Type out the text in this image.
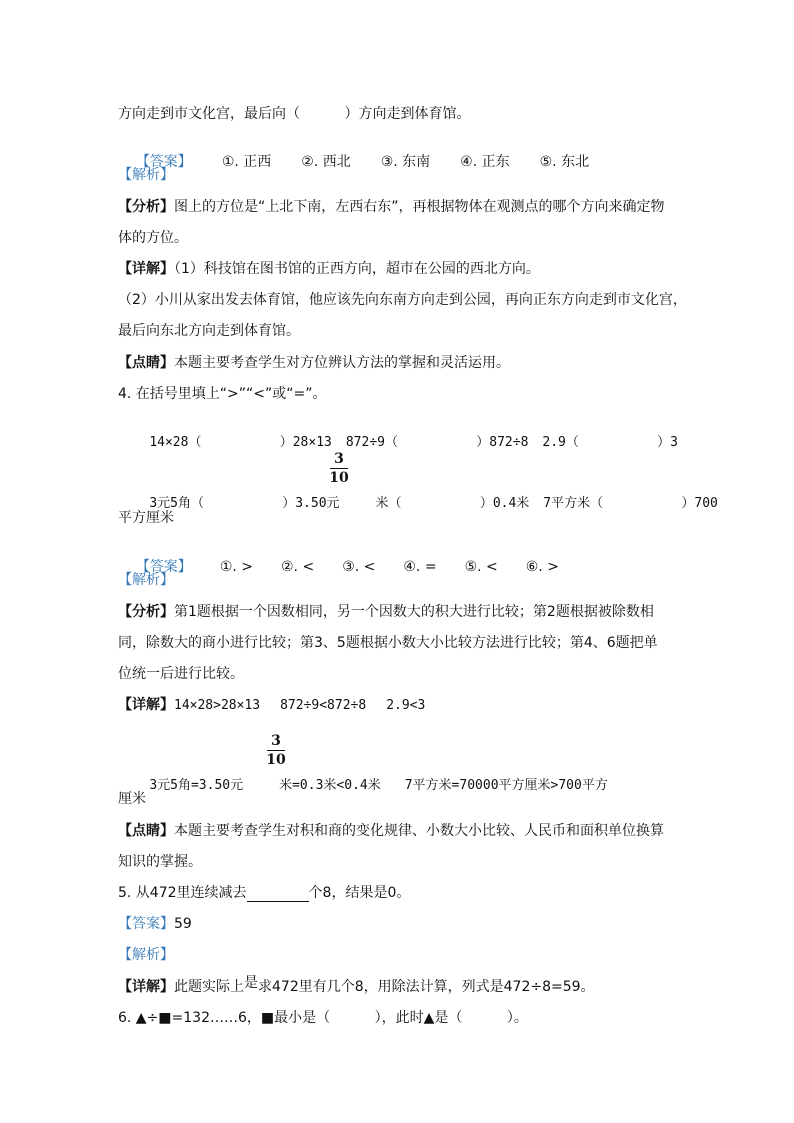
方向走到市文化宫，最后向（          ）方向走到体育馆。

【答案】 ①. 正西 ②. 西北 ③. 东南 ④. 正东 ⑤. 东北

【解析】
【分析】图上的方位是“上北下南，左西右东”，再根据物体在观测点的哪个方向来确定物
体的方位。
【详解】（1）科技馆在图书馆的正西方向，超市在公园的西北方向。
（2）小川从家出发去体育馆，他应该先向东南方向走到公园，再向正东方向走到市文化宫，
最后向东北方向走到体育馆。
【点睛】本题主要考查学生对方位辨认方法的掌握和灵活运用。
4. 在括号里填上“>”“<”或“=”。

14×28（          ）28×13 872÷9（          ）872÷8 2.9（          ）3

3
10

3元5角（          ）3.50元	米（          ）0.4米 7平方米（          ）700

平方厘米

【答案】 ①. > ②. < ③. < ④. = ⑤. < ⑥. >

【解析】
【分析】第1题根据一个因数相同，另一个因数大的积大进行比较；第2题根据被除数相
同，除数大的商小进行比较；第3、5题根据小数大小比较方法进行比较；第4、6题把单
位统一后进行比较。
【详解】14×28>28×13 872÷9<872÷8 2.9<3
3
10

3元5角=3.50元	米=0.3米<0.4米 7平方米=70000平方厘米>700平方

厘米
【点睛】本题主要考查学生对积和商的变化规律、小数大小比较、人民币和面积单位换算
知识的掌握。
5. 从472里连续减去	个8，结果是0。
【答案】59
【解析】
【详解】此题实际上是求472里有几个8，用除法计算，列式是472÷8=59。
6. ▲÷■=132……6，■最小是（          ），此时▲是（          ）。
